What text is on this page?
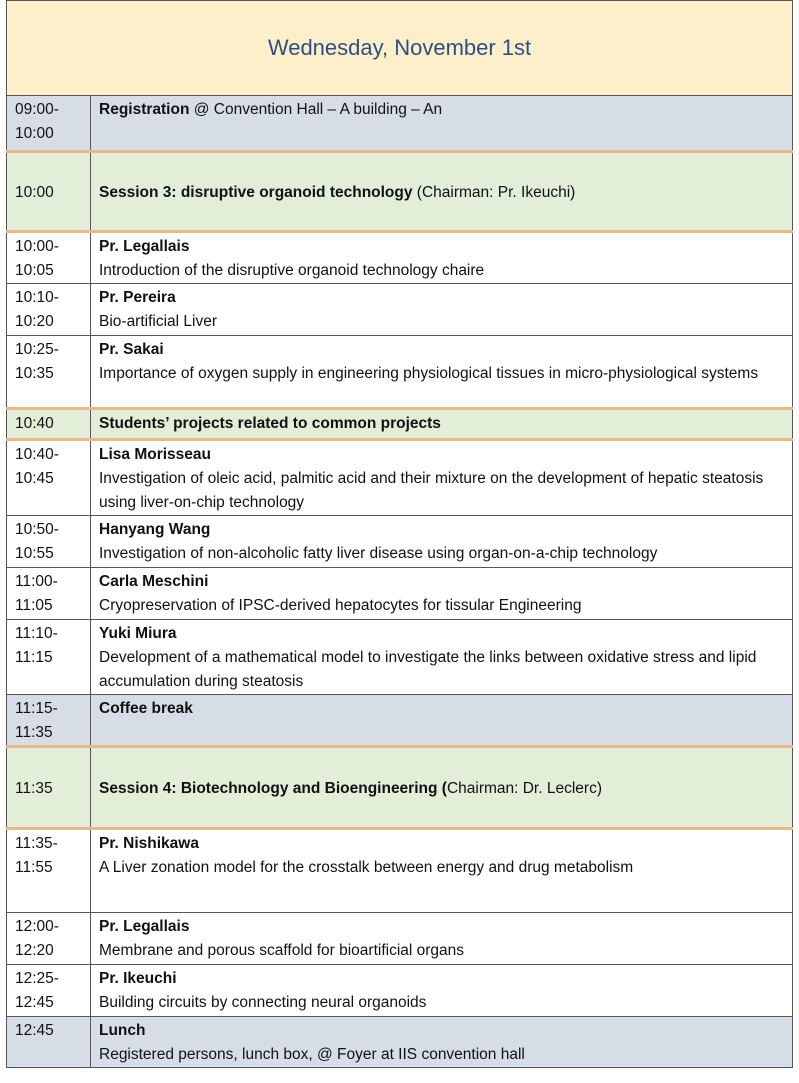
Wednesday, November 1st
09:00-
10:00	Registration @ Convention Hall – A building – An
10:00	Session 3: disruptive organoid technology (Chairman: Pr. Ikeuchi)
10:00-
10:05	Pr. Legallais
Introduction of the disruptive organoid technology chaire

10:10-
10:20	Pr. Pereira
Bio-artificial Liver

10:25-
10:35	Pr. Sakai
Importance of oxygen supply in engineering physiological tissues in micro-physiological systems

10:40	Students’ projects related to common projects
10:40-
10:45	Lisa Morisseau
Investigation of oleic acid, palmitic acid and their mixture on the development of hepatic steatosis using liver-on-chip technology

10:50-
10:55	Hanyang Wang
Investigation of non-alcoholic fatty liver disease using organ-on-a-chip technology

11:00-
11:05	Carla Meschini
Cryopreservation of IPSC-derived hepatocytes for tissular Engineering

11:10-
11:15	Yuki Miura
Development of a mathematical model to investigate the links between oxidative stress and lipid accumulation during steatosis

11:15-
11:35	Coffee break
11:35	Session 4: Biotechnology and Bioengineering (Chairman: Dr. Leclerc)
11:35-
11:55	Pr. Nishikawa
A Liver zonation model for the crosstalk between energy and drug metabolism

12:00-
12:20	Pr. Legallais
Membrane and porous scaffold for bioartificial organs

12:25-
12:45	Pr. Ikeuchi
Building circuits by connecting neural organoids

12:45	Lunch
Registered persons, lunch box, @ Foyer at IIS convention hall
